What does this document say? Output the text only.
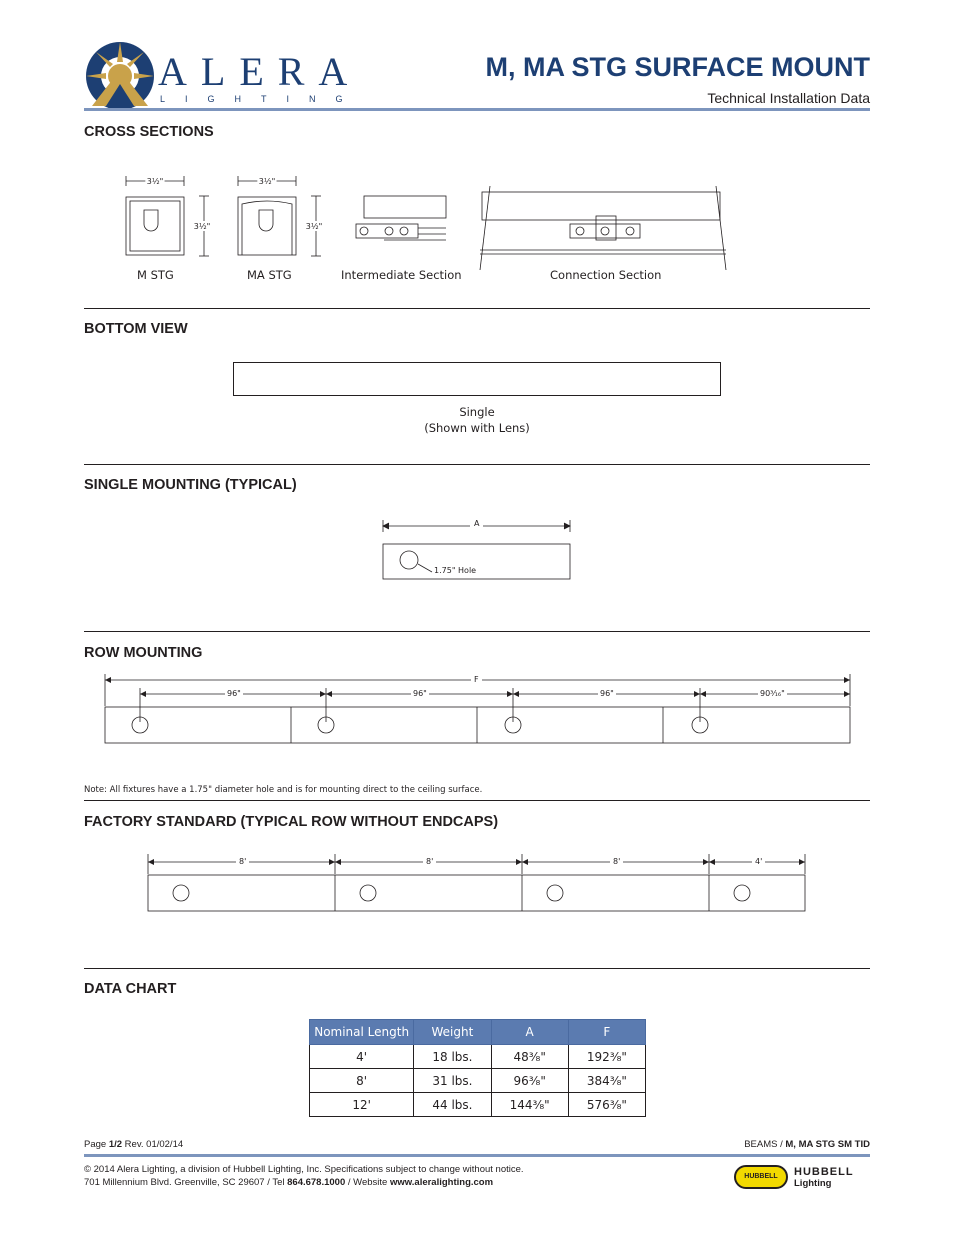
ALERA
LIGHTING
M, MA STG SURFACE MOUNT
Technical Installation Data
CROSS SECTIONS
3½"	3½"
3½"	3½"
M STG	MA STG	Intermediate Section	Connection Section
BOTTOM VIEW
Single
(Shown with Lens)
SINGLE MOUNTING (TYPICAL)
A
1.75" Hole
ROW MOUNTING
F
96"	96"	96"	90³⁄₁₆"
Note: All fixtures have a 1.75" diameter hole and is for mounting direct to the ceiling surface.
FACTORY STANDARD (TYPICAL ROW WITHOUT ENDCAPS)
8'	8'	8'	4'
DATA CHART
Nominal Length	Weight	A	F
4'	18 lbs.	48³⁄₈"	192³⁄₈"
8'	31 lbs.	96³⁄₈"	384³⁄₈"
12'	44 lbs.	144³⁄₈"	576³⁄₈"
Page 1/2 Rev. 01/02/14	BEAMS / M, MA STG SM TID
© 2014 Alera Lighting, a division of Hubbell Lighting, Inc. Specifications subject to change without notice.
701 Millennium Blvd. Greenville, SC 29607 / Tel 864.678.1000 / Website www.aleralighting.com
HUBBELL	HUBBELL
Lighting
